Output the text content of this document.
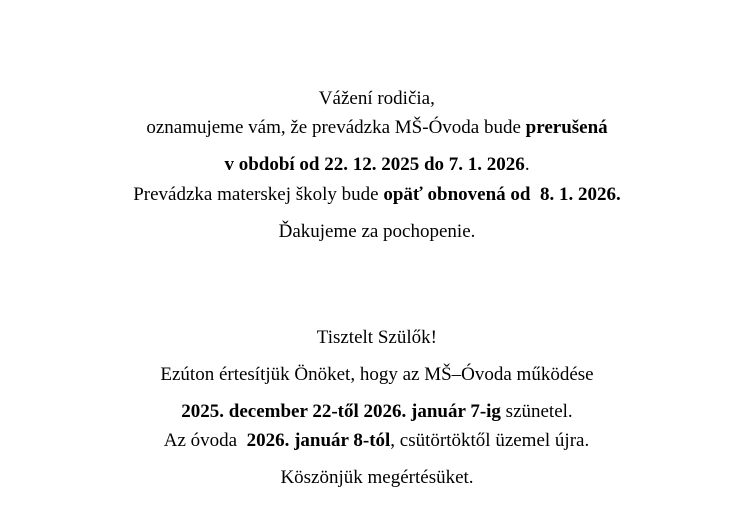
Vážení rodičia,

oznamujeme vám, že prevádzka MŠ-Óvoda bude prerušená

v období od 22. 12. 2025 do 7. 1. 2026.

Prevádzka materskej školy bude opäť obnovená od  8. 1. 2026.

Ďakujeme za pochopenie.

Tisztelt Szülők!

Ezúton értesítjük Önöket, hogy az MŠ–Óvoda működése

2025. december 22-től 2026. január 7-ig szünetel.

Az óvoda  2026. január 8-tól, csütörtöktől üzemel újra.

Köszönjük megértésüket.
